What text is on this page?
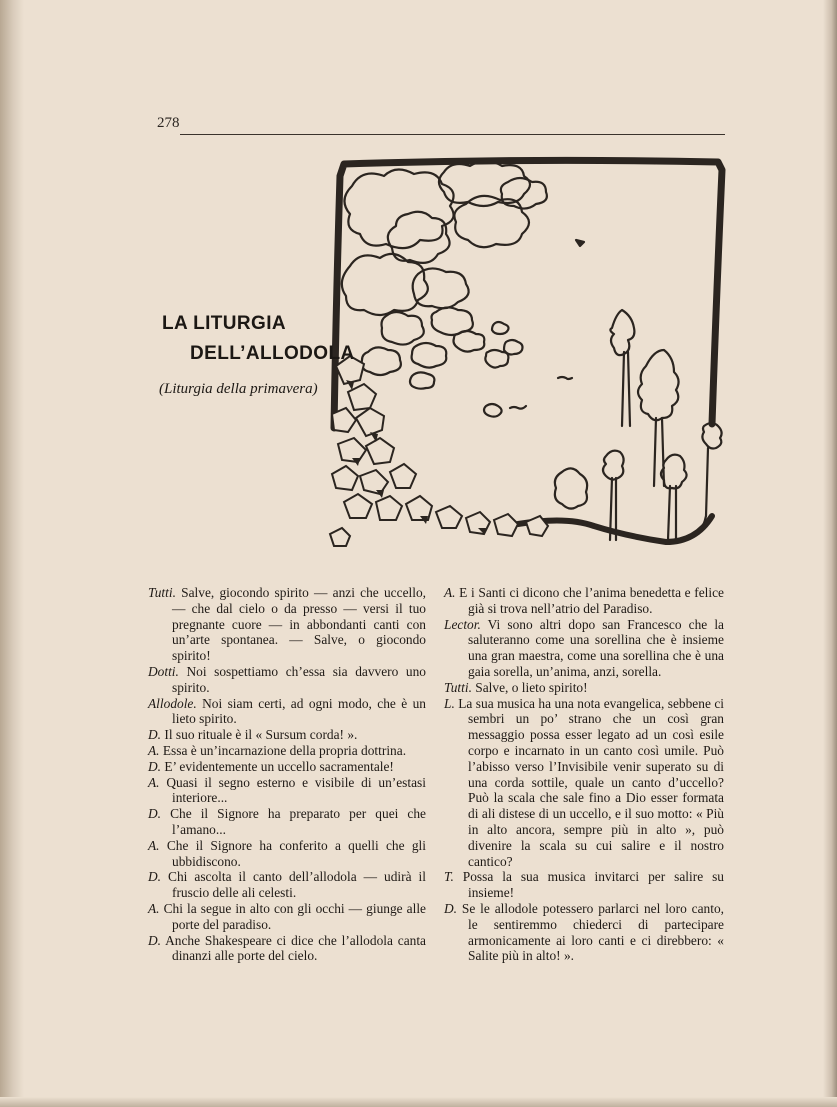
278
LA LITURGIA
DELL’ALLODOLA
(Liturgia della primavera)

Tutti. Salve, giocondo spirito — anzi che uccello, — che dal cielo o da presso — versi il tuo pregnante cuore — in abbondanti canti con un’arte spontanea. — Salve, o giocondo spirito!

Dotti. Noi sospettiamo ch’essa sia davvero uno spirito.

Allodole. Noi siam certi, ad ogni modo, che è un lieto spirito.

D. Il suo rituale è il « Sursum corda! ».

A. Essa è un’incarnazione della propria dottrina.

D. E’ evidentemente un uccello sacramentale!

A. Quasi il segno esterno e visibile di un’estasi interiore...

D. Che il Signore ha preparato per quei che l’amano...

A. Che il Signore ha conferito a quelli che gli ubbidiscono.

D. Chi ascolta il canto dell’allodola — udirà il fruscio delle ali celesti.

A. Chi la segue in alto con gli occhi — giunge alle porte del paradiso.

D. Anche Shakespeare ci dice che l’allodola canta dinanzi alle porte del cielo.

A. E i Santi ci dicono che l’anima benedetta e felice già si trova nell’atrio del Paradiso.

Lector. Vi sono altri dopo san Francesco che la saluteranno come una sorellina che è insieme una gran maestra, come una sorellina che è una gaia sorella, un’anima, anzi, sorella.

Tutti. Salve, o lieto spirito!

L. La sua musica ha una nota evangelica, sebbene ci sembri un po’ strano che un così gran messaggio possa esser legato ad un così esile corpo e incarnato in un canto così umile. Può l’abisso verso l’Invisibile venir superato su di una corda sottile, quale un canto d’uccello? Può la scala che sale fino a Dio esser formata di ali distese di un uccello, e il suo motto: « Più in alto ancora, sempre più in alto », può divenire la scala su cui salire e il nostro cantico?

T. Possa la sua musica invitarci per salire su insieme!

D. Se le allodole potessero parlarci nel loro canto, le sentiremmo chiederci di partecipare armonicamente ai loro canti e ci direbbero: « Salite più in alto! ».
